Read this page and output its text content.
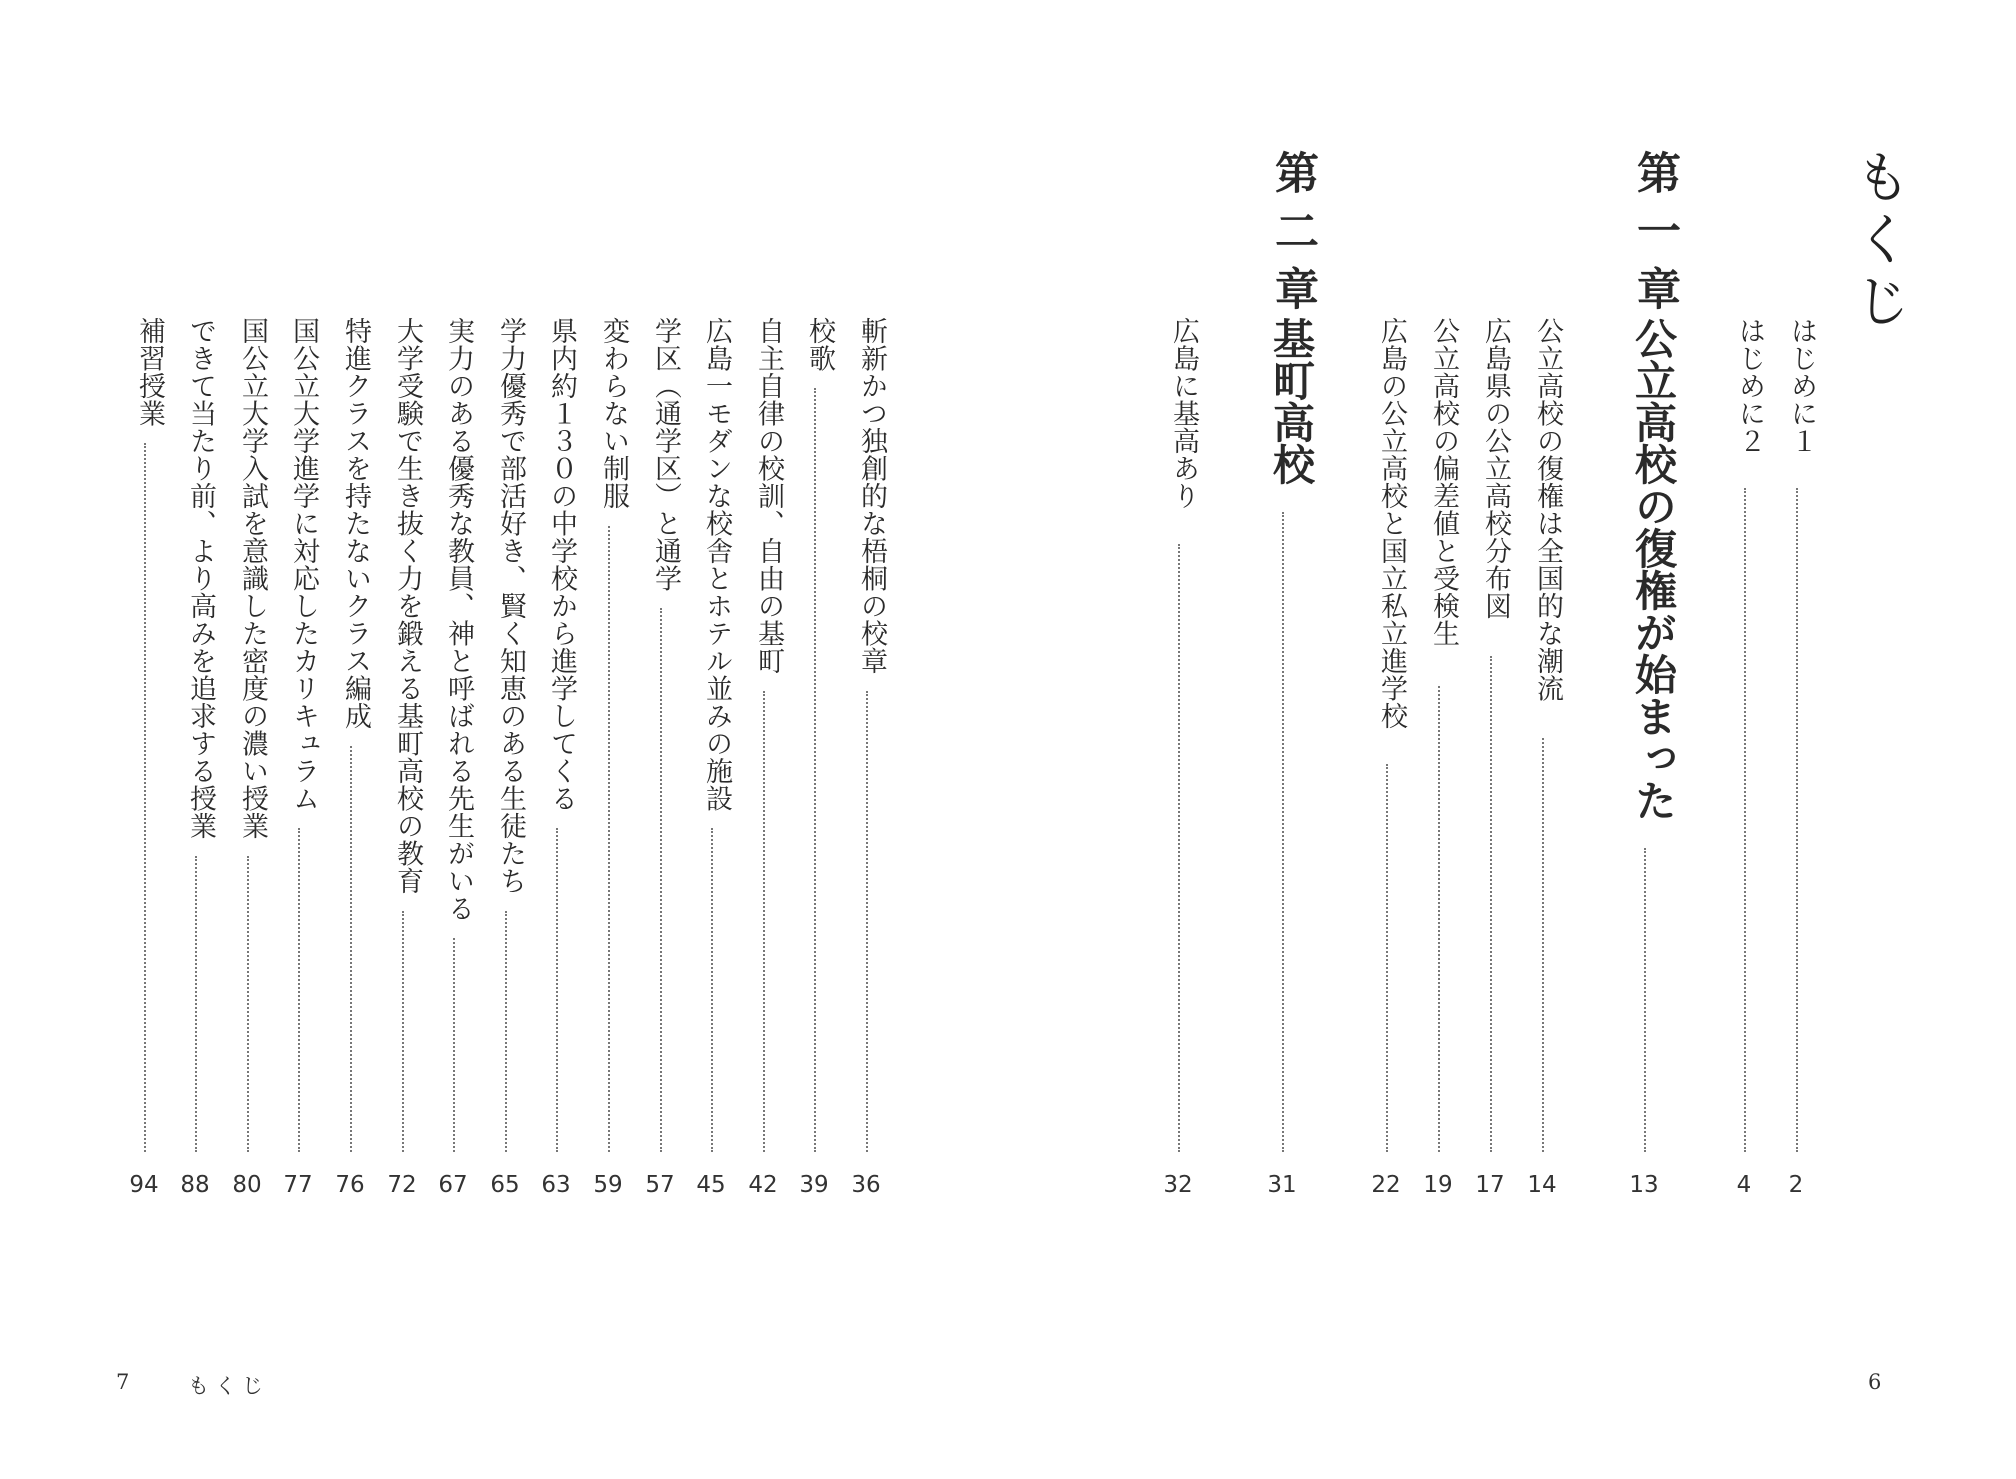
もくじ
はじめに１
2
はじめに２
4
第一章
公立高校の復権が始まった
13
公立高校の復権は全国的な潮流
14
広島県の公立高校分布図
17
公立高校の偏差値と受検生
19
広島の公立高校と国立私立進学校
22
第二章
基町高校
31
広島に基高あり
32
6
斬新かつ独創的な梧桐の校章
36
校歌
39
自主自律の校訓、自由の基町
42
広島一モダンな校舎とホテル並みの施設
45
学区（通学区）と通学
57
変わらない制服
59
県内約１３０の中学校から進学してくる
63
学力優秀で部活好き、賢く知恵のある生徒たち
65
実力のある優秀な教員、神と呼ばれる先生がいる
67
大学受験で生き抜く力を鍛える基町高校の教育
72
特進クラスを持たないクラス編成
76
国公立大学進学に対応したカリキュラム
77
国公立大学入試を意識した密度の濃い授業
80
できて当たり前、より高みを追求する授業
88
補習授業
94
7	もくじ
